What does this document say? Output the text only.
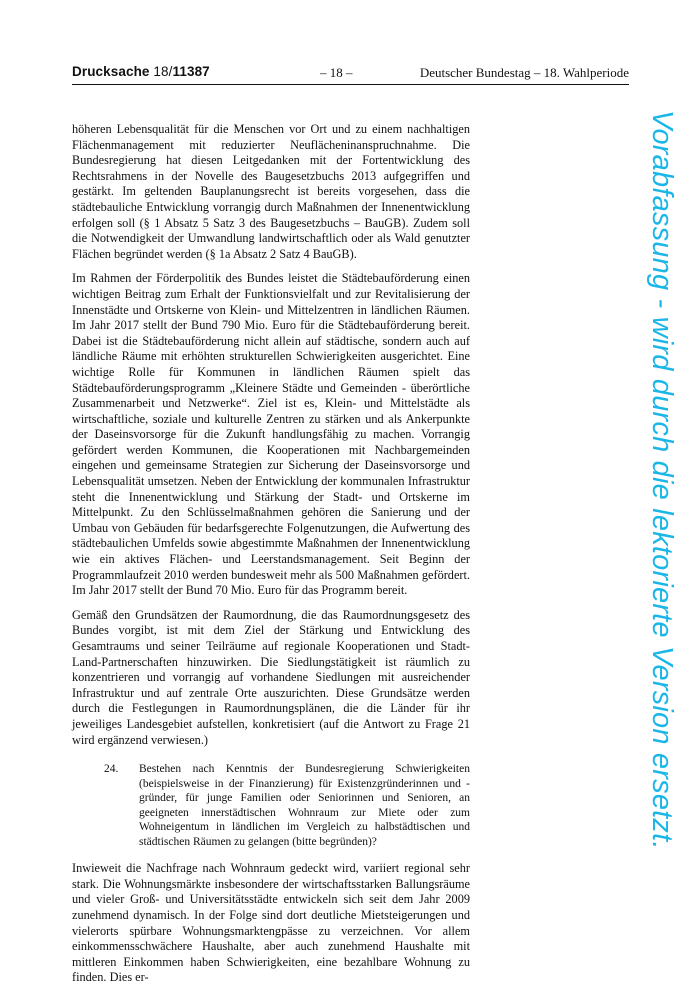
Drucksache 18/11387	– 18 –	Deutscher Bundestag – 18. Wahlperiode

höheren Lebensqualität für die Menschen vor Ort und zu einem nachhaltigen Flächenmanagement mit reduzierter Neuflächeninanspruchnahme. Die Bundesregierung hat diesen Leitgedanken mit der Fortentwicklung des Rechtsrahmens in der Novelle des Baugesetzbuchs 2013 aufgegriffen und gestärkt. Im geltenden Bauplanungsrecht ist bereits vorgesehen, dass die städtebauliche Entwicklung vorrangig durch Maßnahmen der Innenentwicklung erfolgen soll (§ 1 Absatz 5 Satz 3 des Baugesetzbuchs – BauGB). Zudem soll die Notwendigkeit der Umwandlung landwirtschaftlich oder als Wald genutzter Flächen begründet werden (§ 1a Absatz 2 Satz 4 BauGB).

Im Rahmen der Förderpolitik des Bundes leistet die Städtebauförderung einen wichtigen Beitrag zum Erhalt der Funktionsvielfalt und zur Revitalisierung der Innenstädte und Ortskerne von Klein- und Mittelzentren in ländlichen Räumen. Im Jahr 2017 stellt der Bund 790 Mio. Euro für die Städtebauförderung bereit. Dabei ist die Städtebauförderung nicht allein auf städtische, sondern auch auf ländliche Räume mit erhöhten strukturellen Schwierigkeiten ausgerichtet. Eine wichtige Rolle für Kommunen in ländlichen Räumen spielt das Städtebauförderungsprogramm „Kleinere Städte und Gemeinden - überörtliche Zusammenarbeit und Netzwerke“. Ziel ist es, Klein- und Mittelstädte als wirtschaftliche, soziale und kulturelle Zentren zu stärken und als Ankerpunkte der Daseinsvorsorge für die Zukunft handlungsfähig zu machen. Vorrangig gefördert werden Kommunen, die Kooperationen mit Nachbargemeinden eingehen und gemeinsame Strategien zur Sicherung der Daseinsvorsorge und Lebensqualität umsetzen. Neben der Entwicklung der kommunalen Infrastruktur steht die Innenentwicklung und Stärkung der Stadt- und Ortskerne im Mittelpunkt. Zu den Schlüsselmaßnahmen gehören die Sanierung und der Umbau von Gebäuden für bedarfsgerechte Folgenutzungen, die Aufwertung des städtebaulichen Umfelds sowie abgestimmte Maßnahmen der Innenentwicklung wie ein aktives Flächen- und Leerstandsmanagement. Seit Beginn der Programmlaufzeit 2010 werden bundesweit mehr als 500 Maßnahmen gefördert. Im Jahr 2017 stellt der Bund 70 Mio. Euro für das Programm bereit.

Gemäß den Grundsätzen der Raumordnung, die das Raumordnungsgesetz des Bundes vorgibt, ist mit dem Ziel der Stärkung und Entwicklung des Gesamtraums und seiner Teilräume auf regionale Kooperationen und Stadt-Land-Partnerschaften hinzuwirken. Die Siedlungstätigkeit ist räumlich zu konzentrieren und vorrangig auf vorhandene Siedlungen mit ausreichender Infrastruktur und auf zentrale Orte auszurichten. Diese Grundsätze werden durch die Festlegungen in Raumordnungsplänen, die die Länder für ihr jeweiliges Landesgebiet aufstellen, konkretisiert (auf die Antwort zu Frage 21 wird ergänzend verwiesen.)

24.	Bestehen nach Kenntnis der Bundesregierung Schwierigkeiten (beispielsweise in der Finanzierung) für Existenzgründerinnen und -gründer, für junge Familien oder Seniorinnen und Senioren, an geeigneten innerstädtischen Wohnraum zur Miete oder zum Wohneigentum in ländlichen im Vergleich zu halbstädtischen und städtischen Räumen zu gelangen (bitte begründen)?

Inwieweit die Nachfrage nach Wohnraum gedeckt wird, variiert regional sehr stark. Die Wohnungsmärkte insbesondere der wirtschaftsstarken Ballungsräume und vieler Groß- und Universitätsstädte entwickeln sich seit dem Jahr 2009 zunehmend dynamisch. In der Folge sind dort deutliche Mietsteigerungen und vielerorts spürbare Wohnungsmarktengpässe zu verzeichnen. Vor allem einkommensschwächere Haushalte, aber auch zunehmend Haushalte mit mittleren Einkommen haben Schwierigkeiten, eine bezahlbare Wohnung zu finden. Dies er-

Vorabfassung - wird durch die lektorierte Version ersetzt.
